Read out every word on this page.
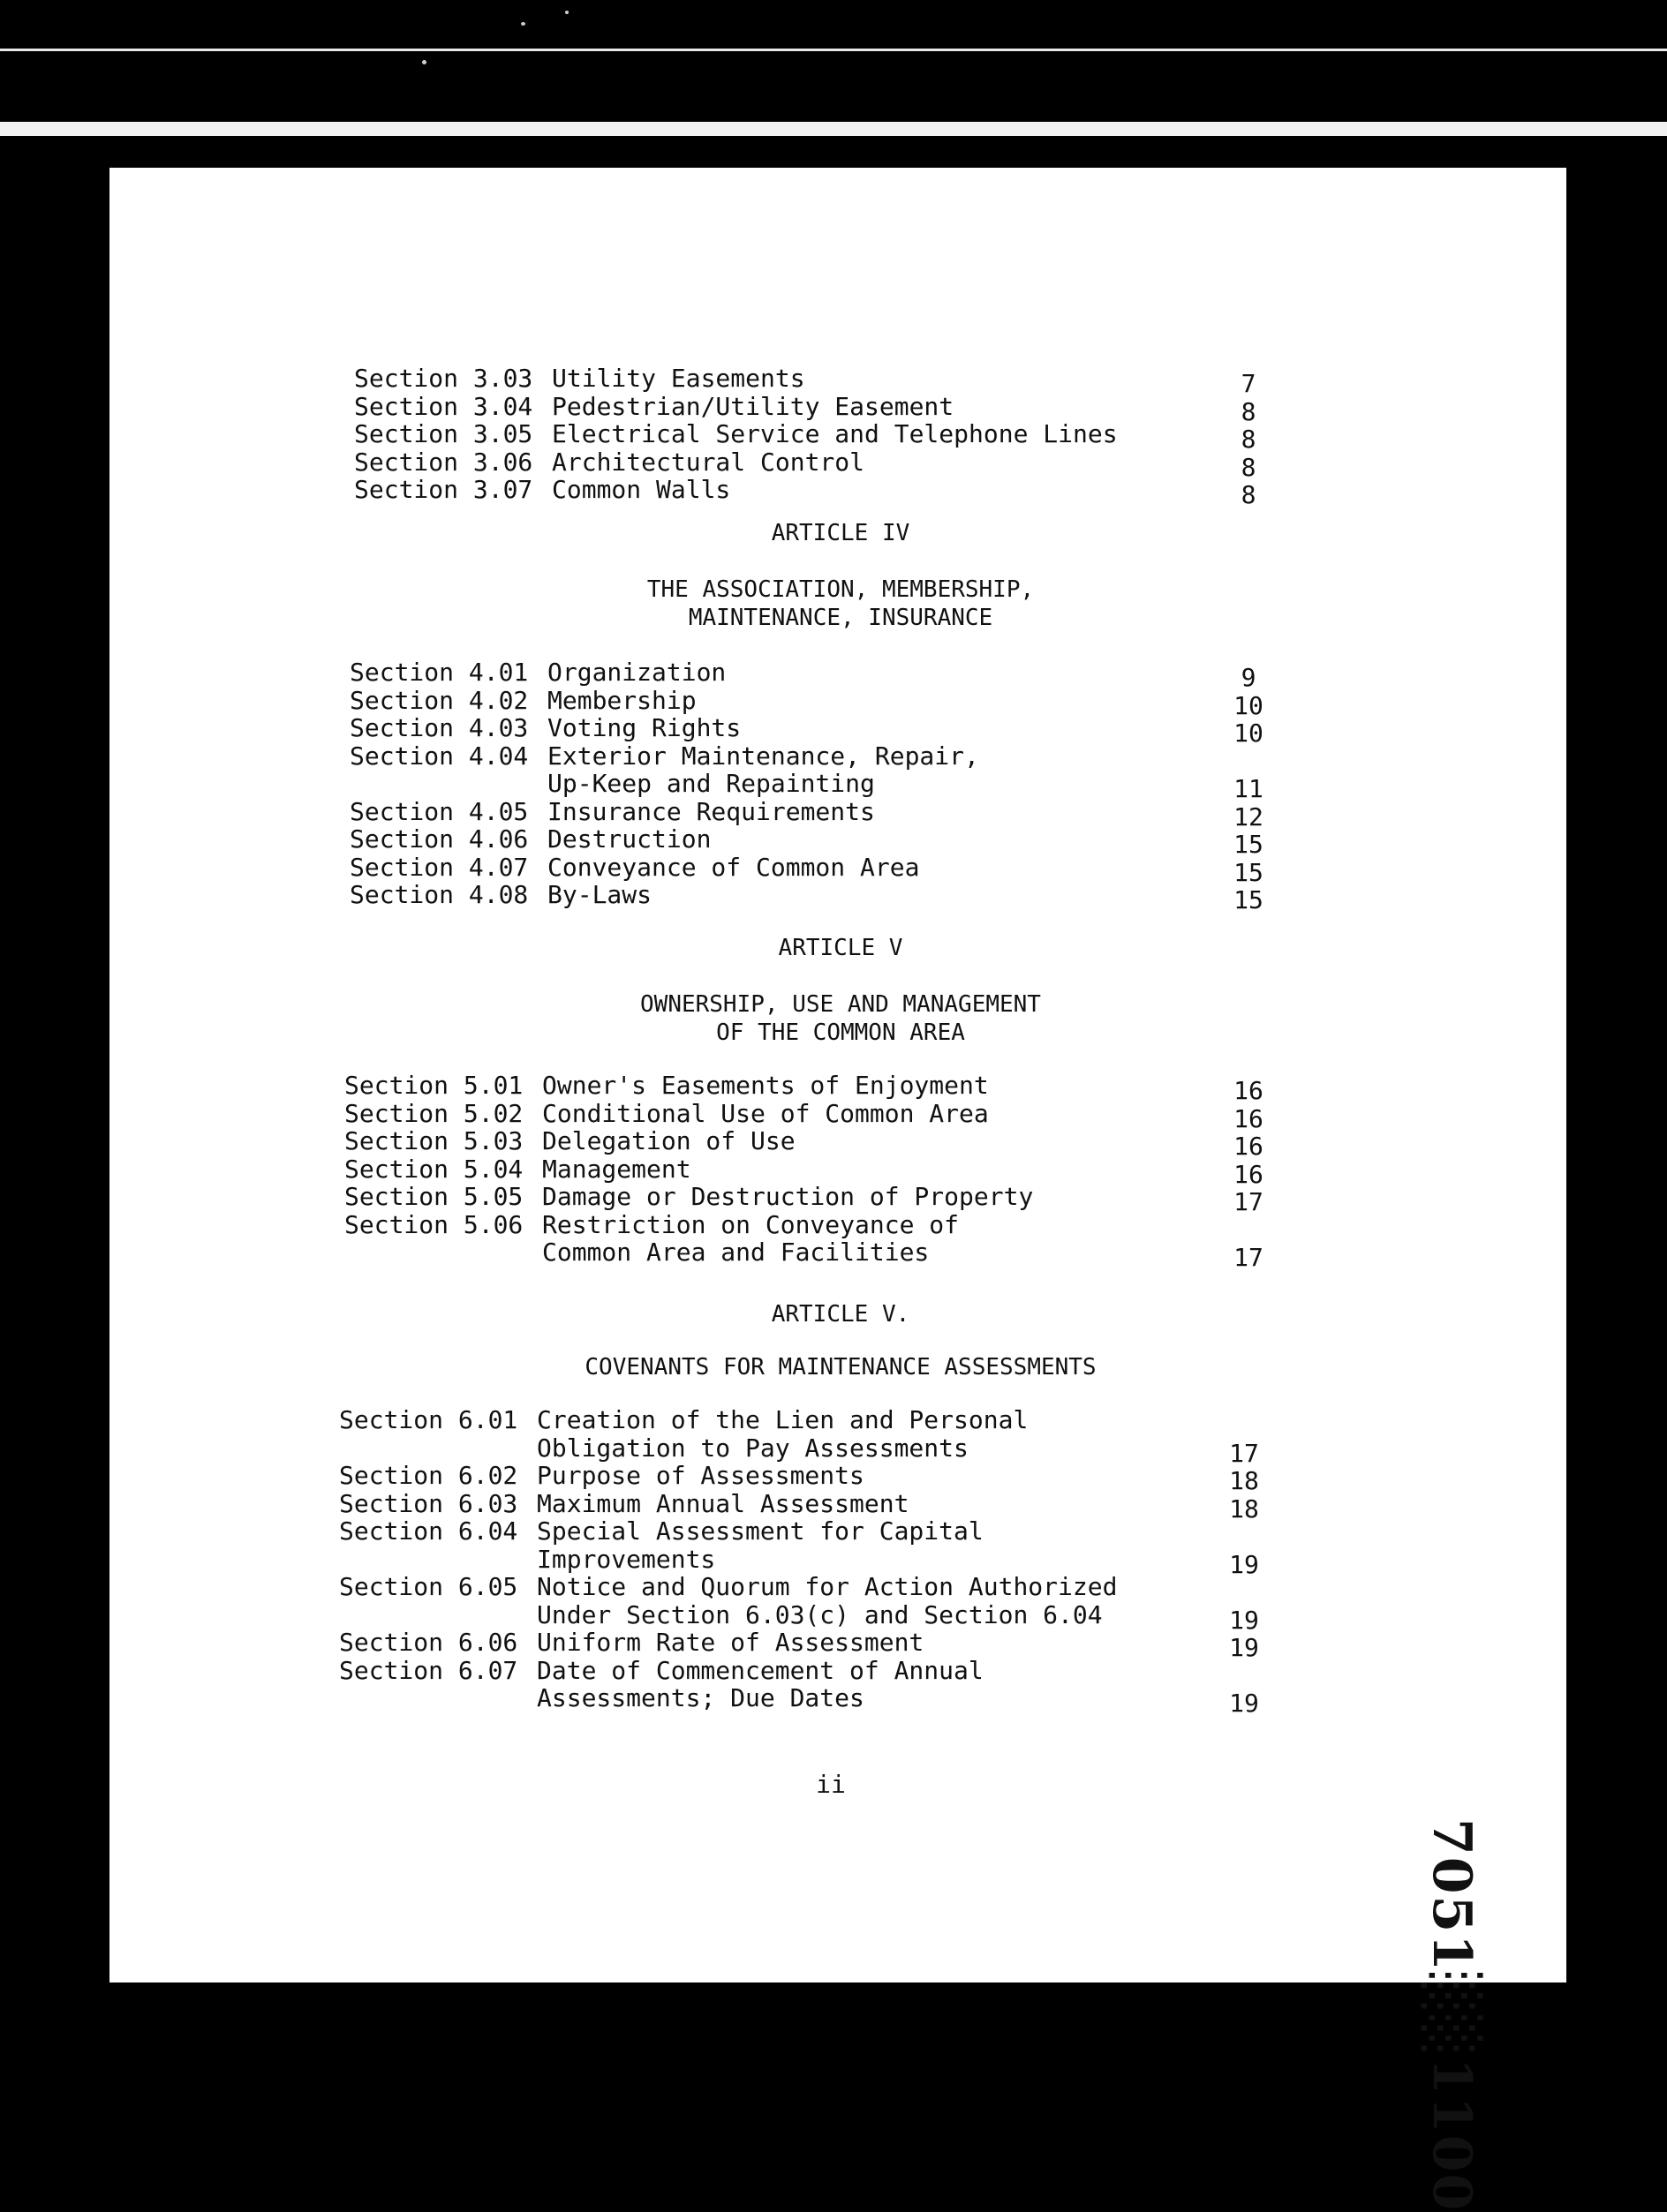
Section 3.03 Utility Easements	7
Section 3.04 Pedestrian/Utility Easement	8
Section 3.05 Electrical Service and Telephone Lines	8
Section 3.06 Architectural Control	8
Section 3.07 Common Walls	8
ARTICLE IV
THE ASSOCIATION, MEMBERSHIP,
MAINTENANCE, INSURANCE
Section 4.01 Organization	9
Section 4.02 Membership	10
Section 4.03 Voting Rights	10
Section 4.04 Exterior Maintenance, Repair,
Up-Keep and Repainting	11
Section 4.05 Insurance Requirements	12
Section 4.06 Destruction	15
Section 4.07 Conveyance of Common Area	15
Section 4.08 By-Laws	15
ARTICLE V
OWNERSHIP, USE AND MANAGEMENT
OF THE COMMON AREA
Section 5.01 Owner's Easements of Enjoyment	16
Section 5.02 Conditional Use of Common Area	16
Section 5.03 Delegation of Use	16
Section 5.04 Management	16
Section 5.05 Damage or Destruction of Property	17
Section 5.06 Restriction on Conveyance of
Common Area and Facilities	17
ARTICLE V.
COVENANTS FOR MAINTENANCE ASSESSMENTS
Section 6.01 Creation of the Lien and Personal
Obligation to Pay Assessments	17
Section 6.02 Purpose of Assessments	18
Section 6.03 Maximum Annual Assessment	18
Section 6.04 Special Assessment for Capital
Improvements	19
Section 6.05 Notice and Quorum for Action Authorized
Under Section 6.03(c) and Section 6.04	19
Section 6.06 Uniform Rate of Assessment	19
Section 6.07 Date of Commencement of Annual
Assessments; Due Dates	19
ii
7051░░1100
